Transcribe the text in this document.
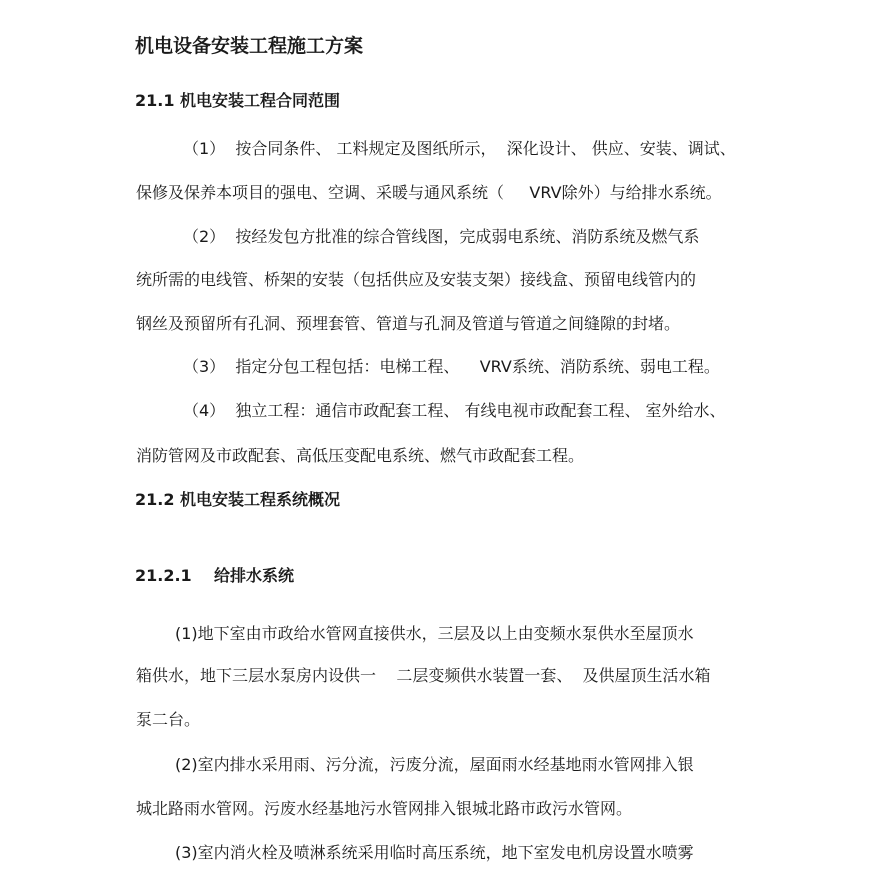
机电设备安装工程施工方案
21.1 机电安装工程合同范围

（1）  按合同条件、 工料规定及图纸所示，  深化设计、 供应、安装、调试、

保修及保养本项目的强电、空调、采暖与通风系统（     VRV除外）与给排水系统。

（2）  按经发包方批准的综合管线图，完成弱电系统、消防系统及燃气系

统所需的电线管、桥架的安装（包括供应及安装支架）接线盒、预留电线管内的

钢丝及预留所有孔洞、预埋套管、管道与孔洞及管道与管道之间缝隙的封堵。

（3）  指定分包工程包括：电梯工程、    VRV系统、消防系统、弱电工程。

（4）  独立工程：通信市政配套工程、 有线电视市政配套工程、 室外给水、

消防管网及市政配套、高低压变配电系统、燃气市政配套工程。

21.2 机电安装工程系统概况
21.2.1    给排水系统

(1)地下室由市政给水管网直接供水，三层及以上由变频水泵供水至屋顶水

箱供水，地下三层水泵房内设供一    二层变频供水装置一套、  及供屋顶生活水箱

泵二台。

(2)室内排水采用雨、污分流，污废分流，屋面雨水经基地雨水管网排入银

城北路雨水管网。污废水经基地污水管网排入银城北路市政污水管网。

(3)室内消火栓及喷淋系统采用临时高压系统，地下室发电机房设置水喷雾
